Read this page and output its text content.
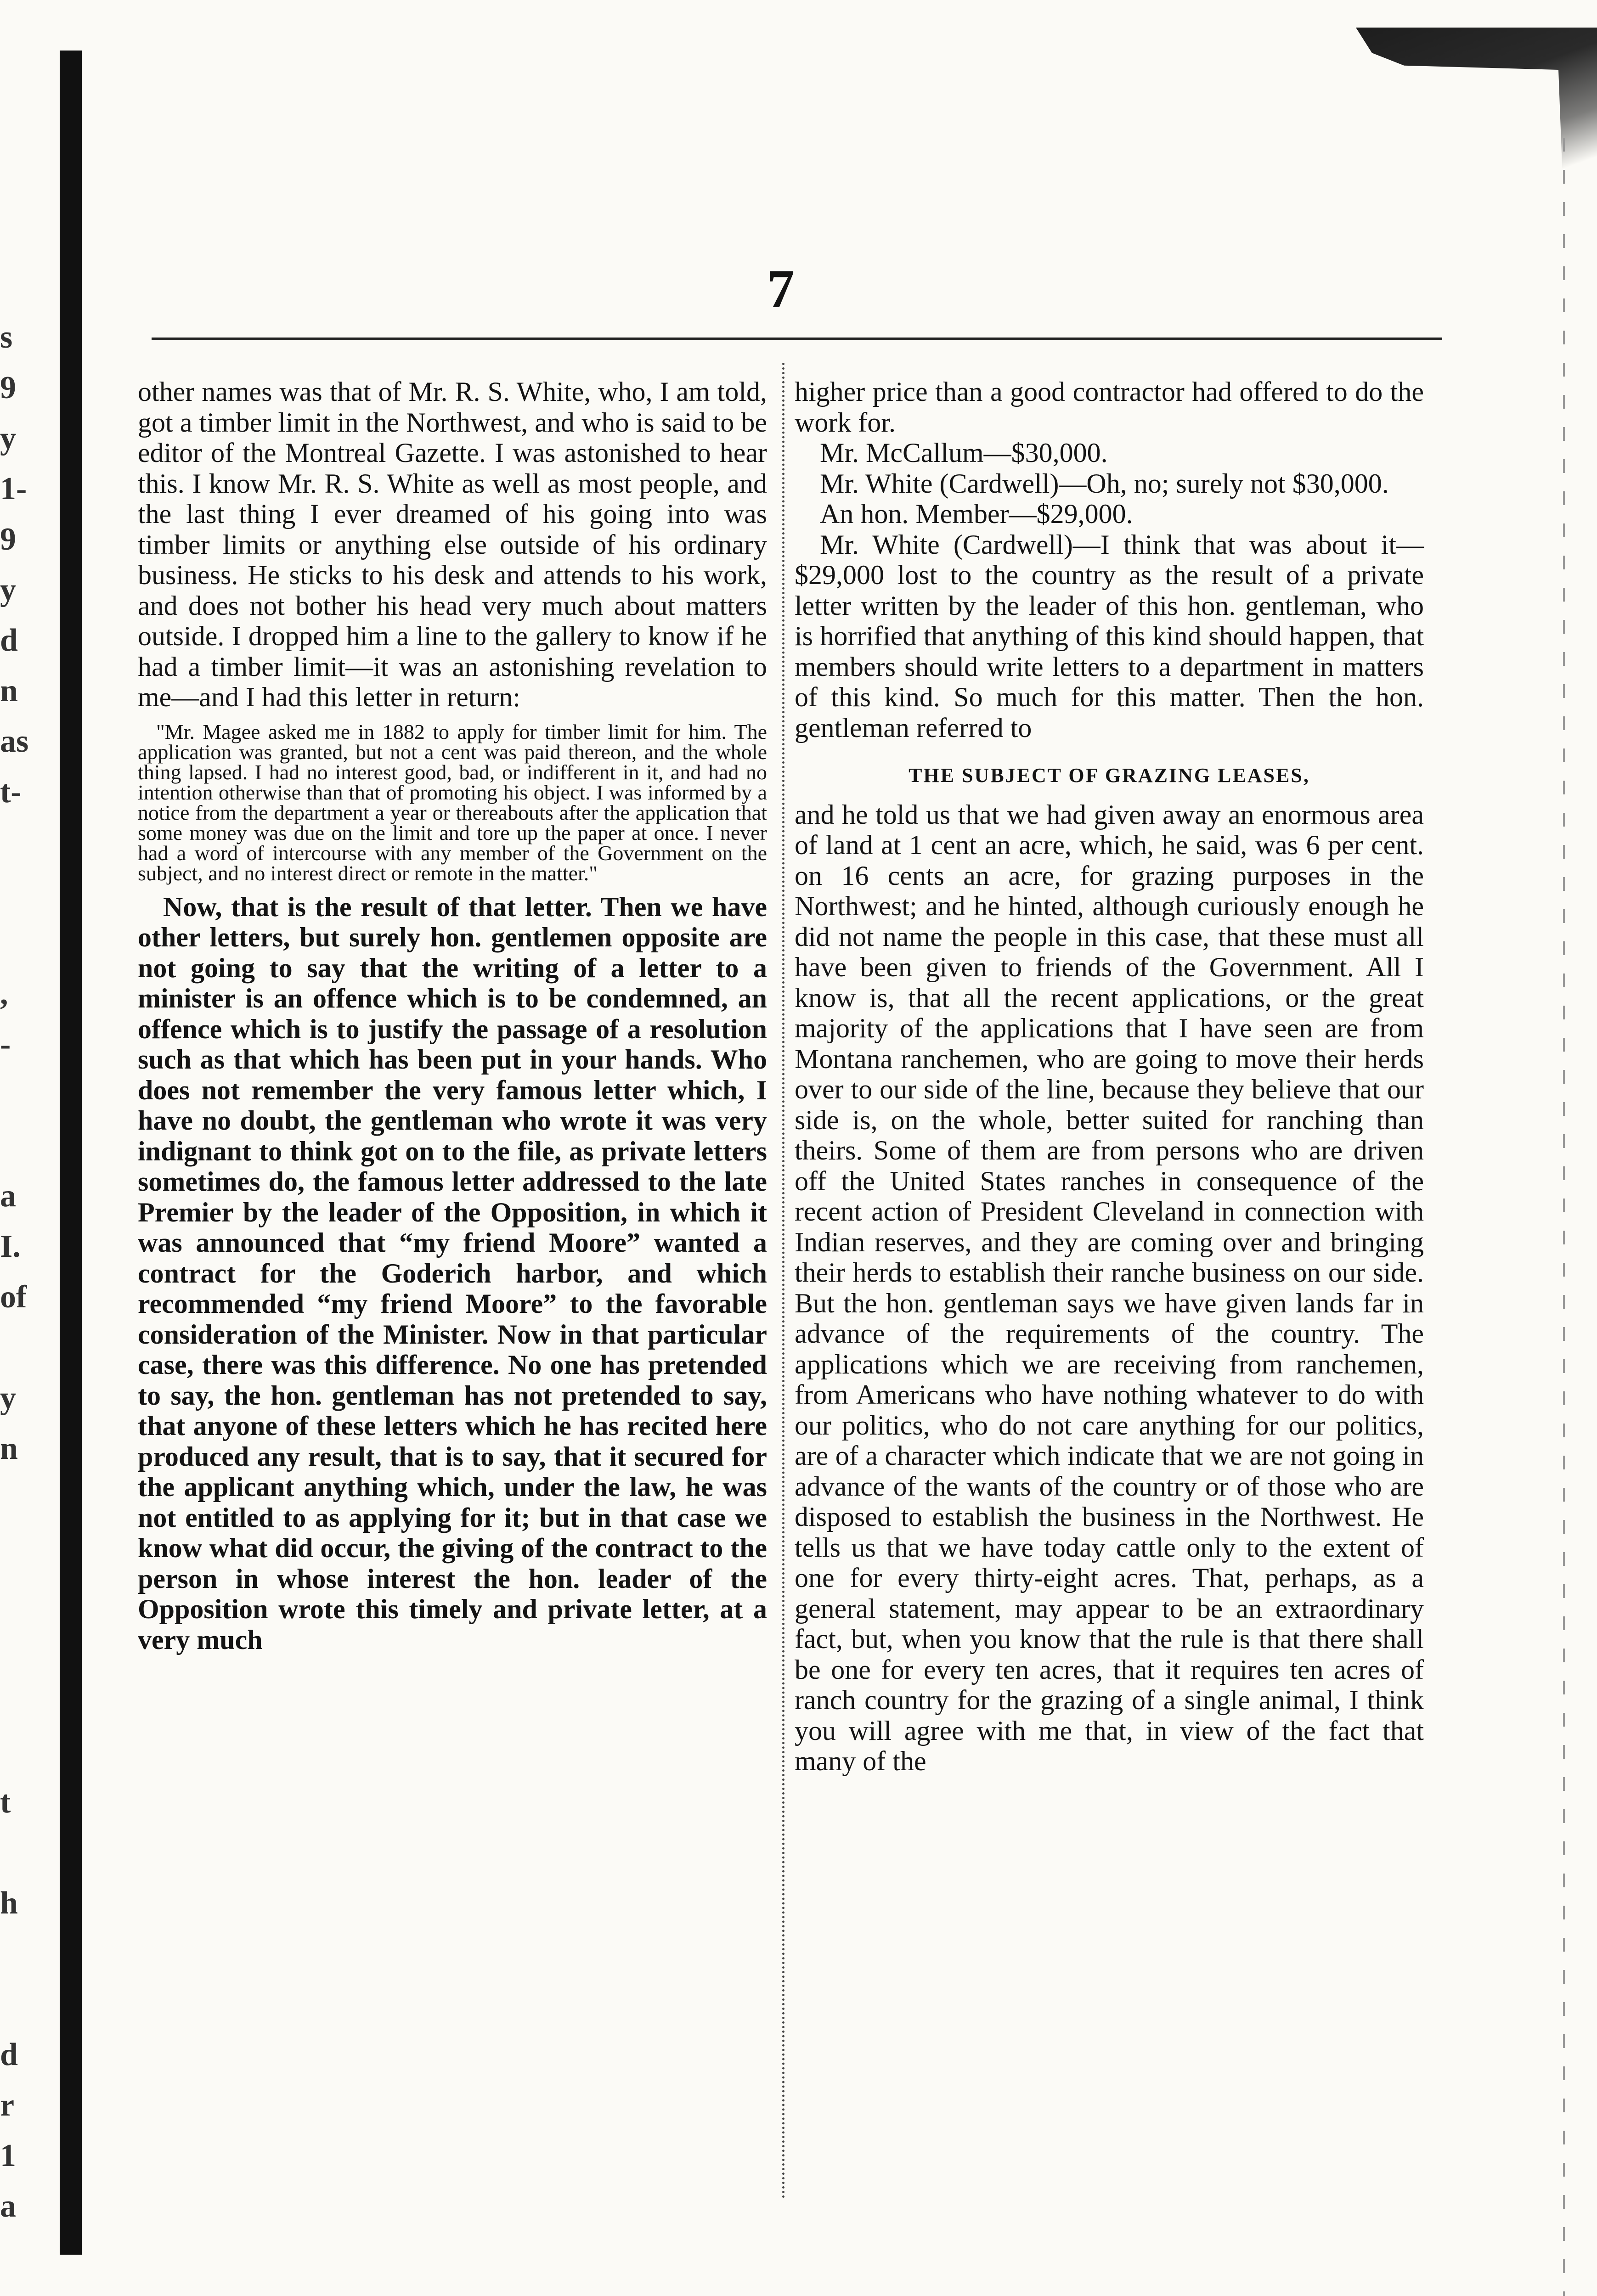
s
9
y
1-
9
y
d
n
as
t-

,
-

a
I.
of

y
n

t

h

d
r
1
a

7

other names was that of Mr. R. S. White, who, I am told, got a timber limit in the Northwest, and who is said to be editor of the Montreal Gazette. I was astonished to hear this. I know Mr. R. S. White as well as most people, and the last thing I ever dreamed of his going into was timber limits or anything else outside of his ordinary business. He sticks to his desk and attends to his work, and does not bother his head very much about matters outside. I dropped him a line to the gallery to know if he had a timber limit—it was an astonishing revelation to me—and I had this letter in return:

"Mr. Magee asked me in 1882 to apply for timber limit for him. The application was granted, but not a cent was paid thereon, and the whole thing lapsed. I had no interest good, bad, or indifferent in it, and had no intention otherwise than that of promoting his object. I was informed by a notice from the department a year or thereabouts after the application that some money was due on the limit and tore up the paper at once. I never had a word of intercourse with any member of the Government on the subject, and no interest direct or remote in the matter."

Now, that is the result of that letter. Then we have other letters, but surely hon. gentlemen opposite are not going to say that the writing of a letter to a minister is an offence which is to be condemned, an offence which is to justify the passage of a resolution such as that which has been put in your hands. Who does not remember the very famous letter which, I have no doubt, the gentleman who wrote it was very indignant to think got on to the file, as private letters sometimes do, the famous letter addressed to the late Premier by the leader of the Opposition, in which it was announced that “my friend Moore” wanted a contract for the Goderich harbor, and which recommended “my friend Moore” to the favorable consideration of the Minister. Now in that particular case, there was this difference. No one has pretended to say, the hon. gentleman has not pretended to say, that anyone of these letters which he has recited here produced any result, that is to say, that it secured for the applicant anything which, under the law, he was not entitled to as applying for it; but in that case we know what did occur, the giving of the contract to the person in whose interest the hon. leader of the Opposition wrote this timely and private letter, at a very much

higher price than a good contractor had offered to do the work for.

Mr. McCallum—$30,000.

Mr. White (Cardwell)—Oh, no; surely not $30,000.

An hon. Member—$29,000.

Mr. White (Cardwell)—I think that was about it—$29,000 lost to the country as the result of a private letter written by the leader of this hon. gentleman, who is horrified that anything of this kind should happen, that members should write letters to a department in matters of this kind. So much for this matter. Then the hon. gentleman referred to

THE SUBJECT OF GRAZING LEASES,

and he told us that we had given away an enormous area of land at 1 cent an acre, which, he said, was 6 per cent. on 16 cents an acre, for grazing purposes in the Northwest; and he hinted, although curiously enough he did not name the people in this case, that these must all have been given to friends of the Government. All I know is, that all the recent applications, or the great majority of the applications that I have seen are from Montana ranchemen, who are going to move their herds over to our side of the line, because they believe that our side is, on the whole, better suited for ranching than theirs. Some of them are from persons who are driven off the United States ranches in consequence of the recent action of President Cleveland in connection with Indian reserves, and they are coming over and bringing their herds to establish their ranche business on our side. But the hon. gentleman says we have given lands far in advance of the requirements of the country. The applications which we are receiving from ranchemen, from Americans who have nothing whatever to do with our politics, who do not care anything for our politics, are of a character which indicate that we are not going in advance of the wants of the country or of those who are disposed to establish the business in the Northwest. He tells us that we have today cattle only to the extent of one for every thirty-eight acres. That, perhaps, as a general statement, may appear to be an extraordinary fact, but, when you know that the rule is that there shall be one for every ten acres, that it requires ten acres of ranch country for the grazing of a single animal, I think you will agree with me that, in view of the fact that many of the
